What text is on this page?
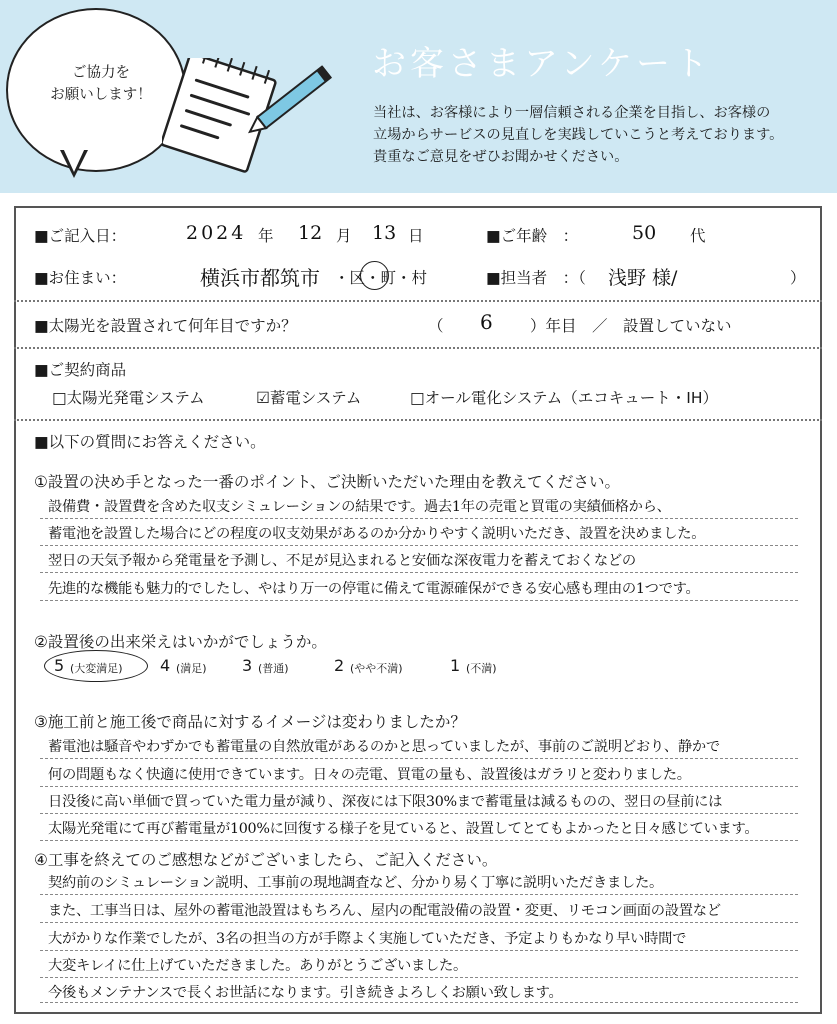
ご協力を
お願いします！
お客さまアンケート
当社は、お客様により一層信頼される企業を目指し、お客様の
立場からサービスの見直しを実践していこうと考えております。
貴重なご意見をぜひお聞かせください。
■ご記入日：	2024 年 12 月 13 日	■ご年齢　：	50 代
■お住まい：	横浜市都筑市 ・区・町・村	■担当者　：（ 浅野 様/	）
■太陽光を設置されて何年目ですか？	（ 6 ）年目　／　設置していない
■ご契約商品
□太陽光発電システム	☑蓄電システム	□オール電化システム（エコキュート・IH）
■以下の質問にお答えください。
①設置の決め手となった一番のポイント、ご決断いただいた理由を教えてください。
設備費・設置費を含めた収支シミュレーションの結果です。過去1年の売電と買電の実績価格から、
蓄電池を設置した場合にどの程度の収支効果があるのか分かりやすく説明いただき、設置を決めました。
翌日の天気予報から発電量を予測し、不足が見込まれると安価な深夜電力を蓄えておくなどの
先進的な機能も魅力的でしたし、やはり万一の停電に備えて電源確保ができる安心感も理由の1つです。
②設置後の出来栄えはいかがでしょうか。
5 (大変満足) 4 (満足) 3 (普通)	2 (やや不満)	1 (不満)
③施工前と施工後で商品に対するイメージは変わりましたか？
蓄電池は騒音やわずかでも蓄電量の自然放電があるのかと思っていましたが、事前のご説明どおり、静かで
何の問題もなく快適に使用できています。日々の売電、買電の量も、設置後はガラリと変わりました。
日没後に高い単価で買っていた電力量が減り、深夜には下限30%まで蓄電量は減るものの、翌日の昼前には
太陽光発電にて再び蓄電量が100%に回復する様子を見ていると、設置してとてもよかったと日々感じています。
④工事を終えてのご感想などがございましたら、ご記入ください。
契約前のシミュレーション説明、工事前の現地調査など、分かり易く丁寧に説明いただきました。
また、工事当日は、屋外の蓄電池設置はもちろん、屋内の配電設備の設置・変更、リモコン画面の設置など
大がかりな作業でしたが、3名の担当の方が手際よく実施していただき、予定よりもかなり早い時間で
大変キレイに仕上げていただきました。ありがとうございました。
今後もメンテナンスで長くお世話になります。引き続きよろしくお願い致します。
